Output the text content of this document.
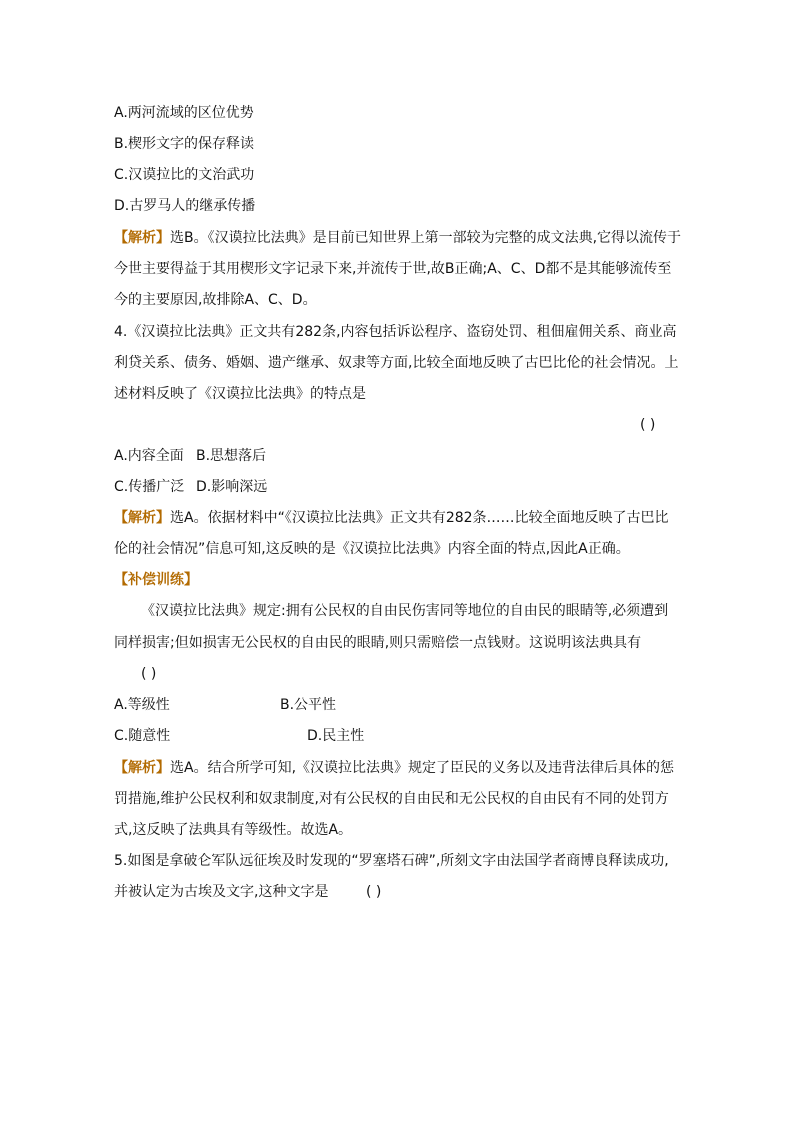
A.两河流域的区位优势
B.楔形文字的保存释读
C.汉谟拉比的文治武功
D.古罗马人的继承传播
【解析】选B。《汉谟拉比法典》是目前已知世界上第一部较为完整的成文法典,它得以流传于
今世主要得益于其用楔形文字记录下来,并流传于世,故B正确;A、C、D都不是其能够流传至
今的主要原因,故排除A、C、D。
4.《汉谟拉比法典》正文共有282条,内容包括诉讼程序、盗窃处罚、租佃雇佣关系、商业高
利贷关系、债务、婚姻、遗产继承、奴隶等方面,比较全面地反映了古巴比伦的社会情况。上
述材料反映了《汉谟拉比法典》的特点是
( )
A.内容全面 B.思想落后
C.传播广泛 D.影响深远
【解析】选A。依据材料中“《汉谟拉比法典》正文共有282条……比较全面地反映了古巴比
伦的社会情况”信息可知,这反映的是《汉谟拉比法典》内容全面的特点,因此A正确。
【补偿训练】
《汉谟拉比法典》规定:拥有公民权的自由民伤害同等地位的自由民的眼睛等,必须遭到
同样损害;但如损害无公民权的自由民的眼睛,则只需赔偿一点钱财。这说明该法典具有
( )
A.等级性	B.公平性
C.随意性	D.民主性
【解析】选A。结合所学可知,《汉谟拉比法典》规定了臣民的义务以及违背法律后具体的惩
罚措施,维护公民权利和奴隶制度,对有公民权的自由民和无公民权的自由民有不同的处罚方
式,这反映了法典具有等级性。故选A。
5.如图是拿破仑军队远征埃及时发现的“罗塞塔石碑”,所刻文字由法国学者商博良释读成功,
并被认定为古埃及文字,这种文字是	( )
